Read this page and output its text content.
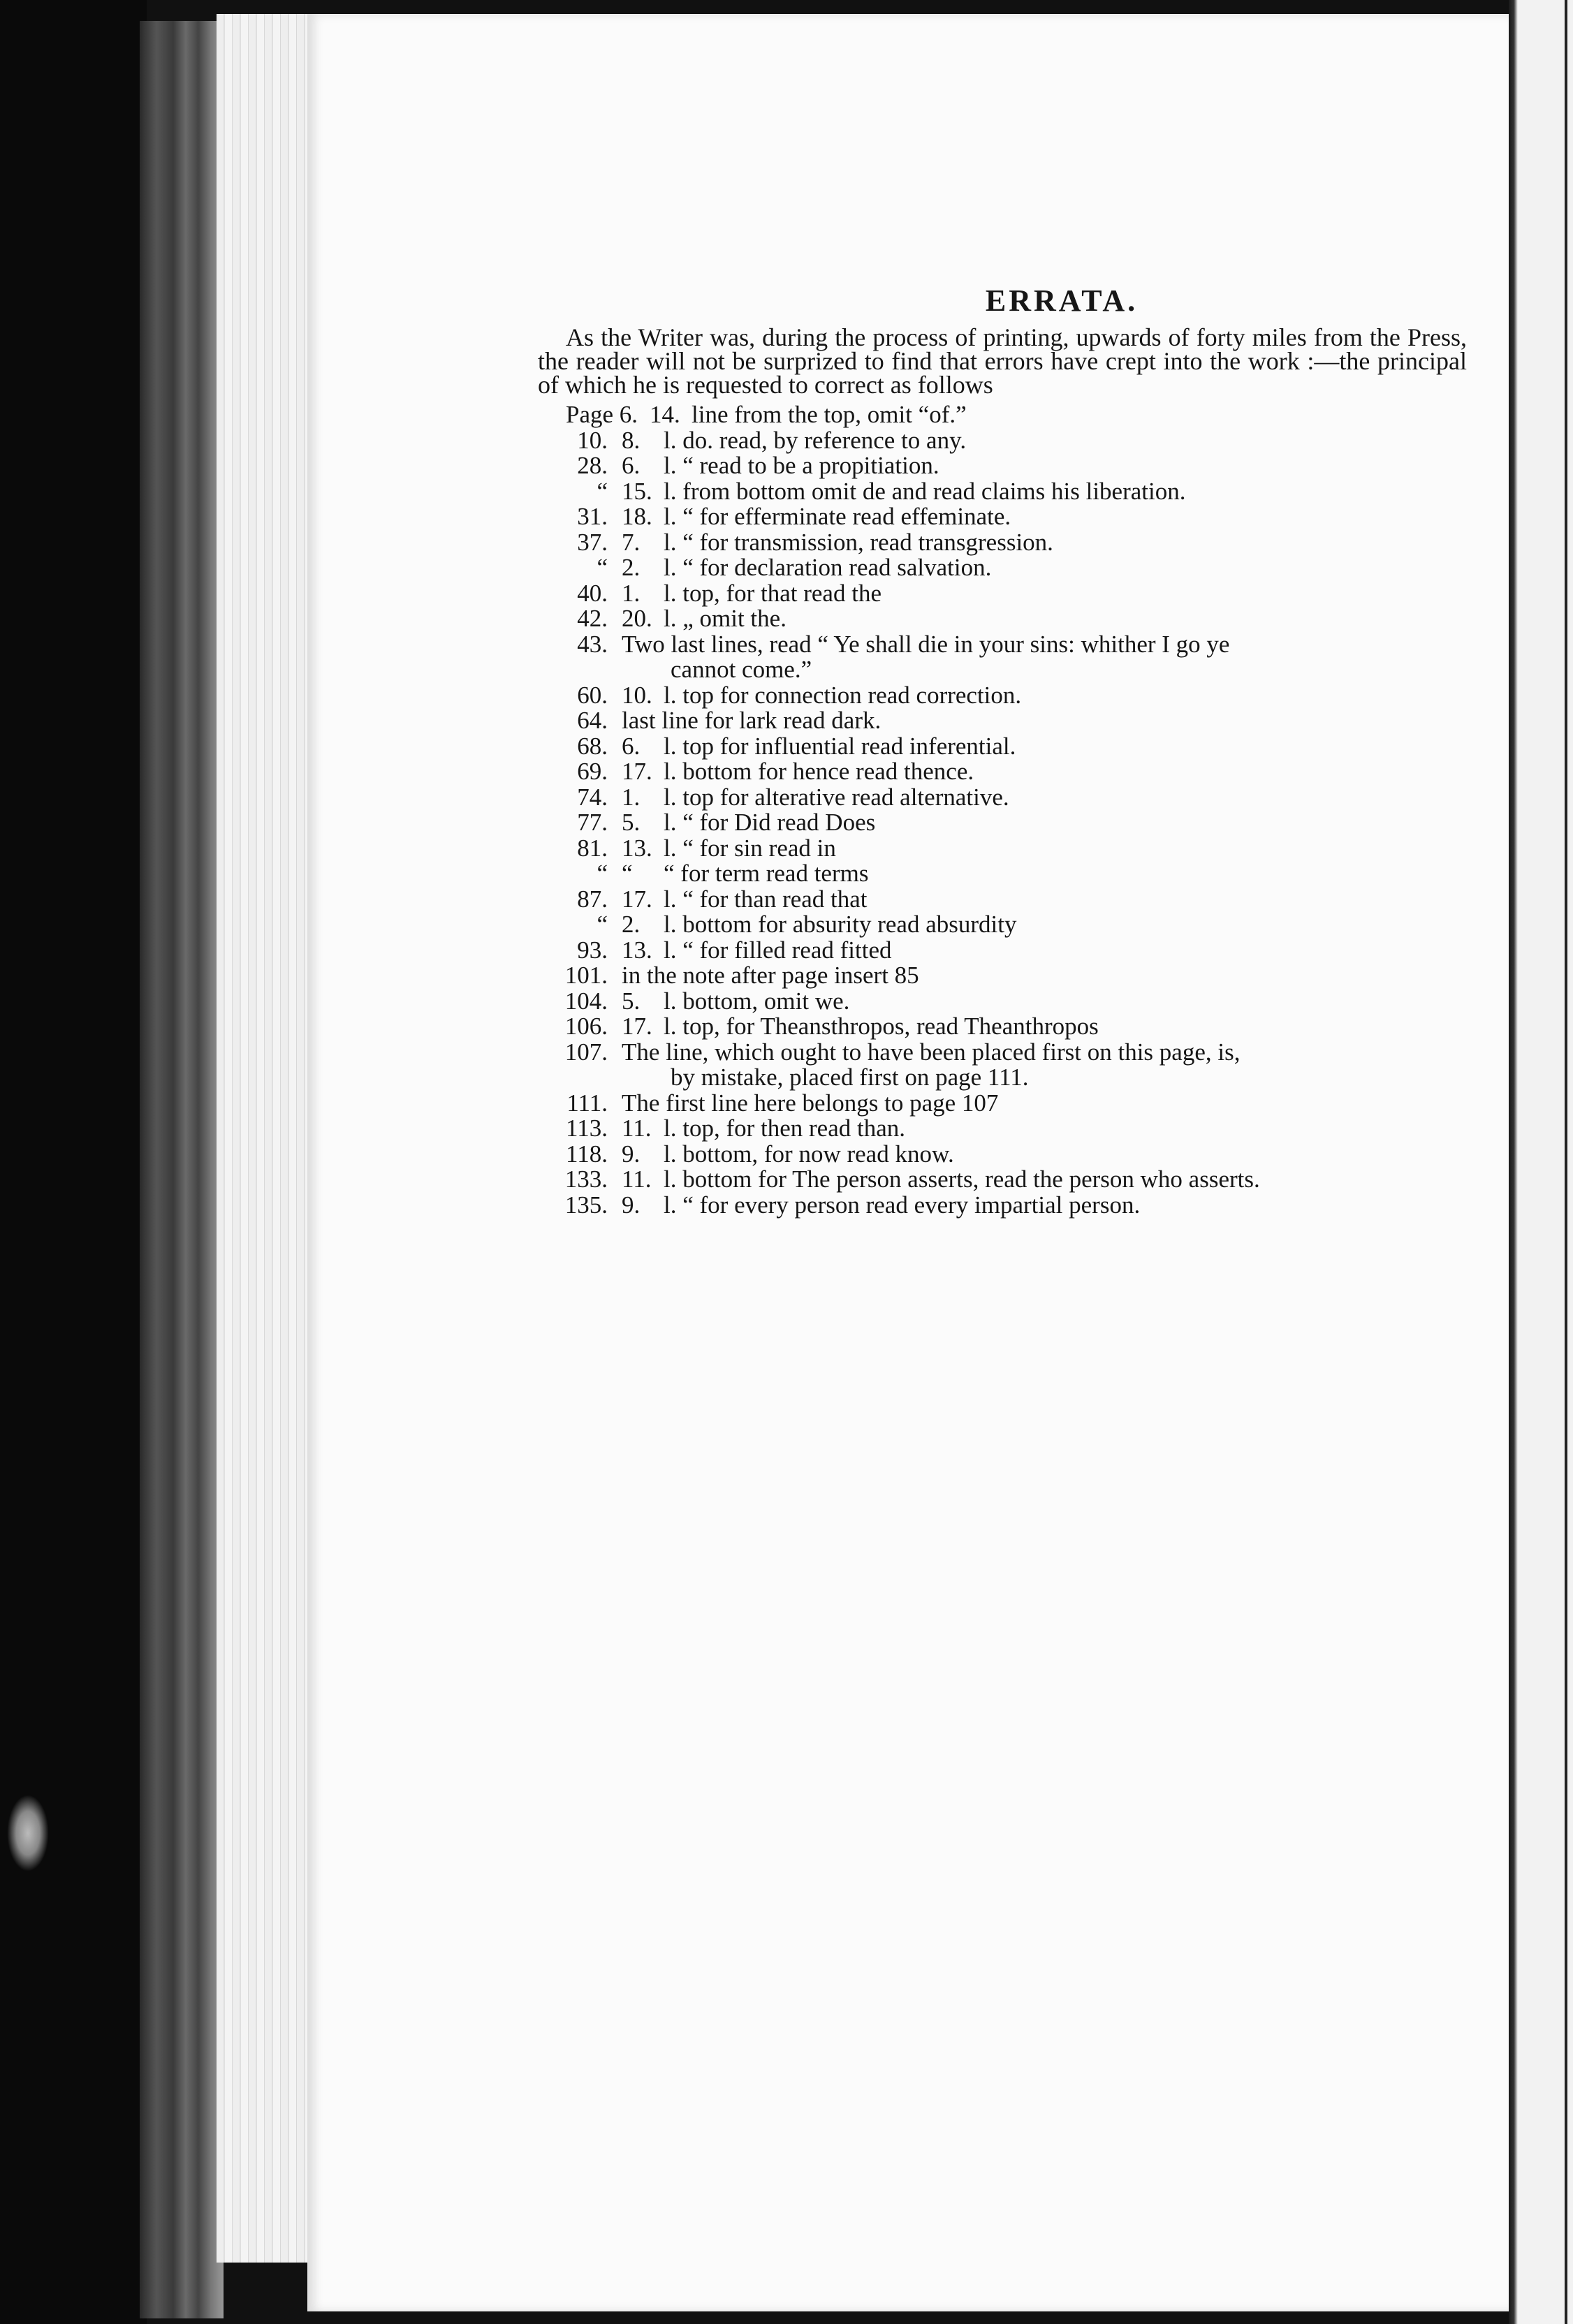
ERRATA.
As the Writer was, during the process of printing, upwards of forty miles from the Press, the reader will not be surprized to find that errors have crept into the work :—the principal of which he is requested to correct as follows
Page 6. 14. line from the top, omit “of.”
10. 8. l. do. read, by reference to any.
28. 6. l. “ read to be a propitiation.
“ 15. l. from bottom omit de and read claims his liberation.
31. 18. l. “ for efferminate read effeminate.
37. 7. l. “ for transmission, read transgression.
“ 2. l. “ for declaration read salvation.
40. 1. l. top, for that read the
42. 20. l. „ omit the.
43. Two last lines, read “ Ye shall die in your sins: whither I go ye
cannot come.”
60. 10. l. top for connection read correction.
64. last line for lark read dark.
68. 6. l. top for influential read inferential.
69. 17. l. bottom for hence read thence.
74. 1. l. top for alterative read alternative.
77. 5. l. “ for Did read Does
81. 13. l. “ for sin read in
“ “	“ for term read terms
87. 17. l. “ for than read that
“ 2. l. bottom for absurity read absurdity
93. 13. l. “ for filled read fitted
101. in the note after page insert 85
104. 5. l. bottom, omit we.
106. 17. l. top, for Theansthropos, read Theanthropos
107. The line, which ought to have been placed first on this page, is,
by mistake, placed first on page 111.
111. The first line here belongs to page 107
113. 11. l. top, for then read than.
118. 9. l. bottom, for now read know.
133. 11. l. bottom for The person asserts, read the person who asserts.
135. 9. l. “ for every person read every impartial person.
